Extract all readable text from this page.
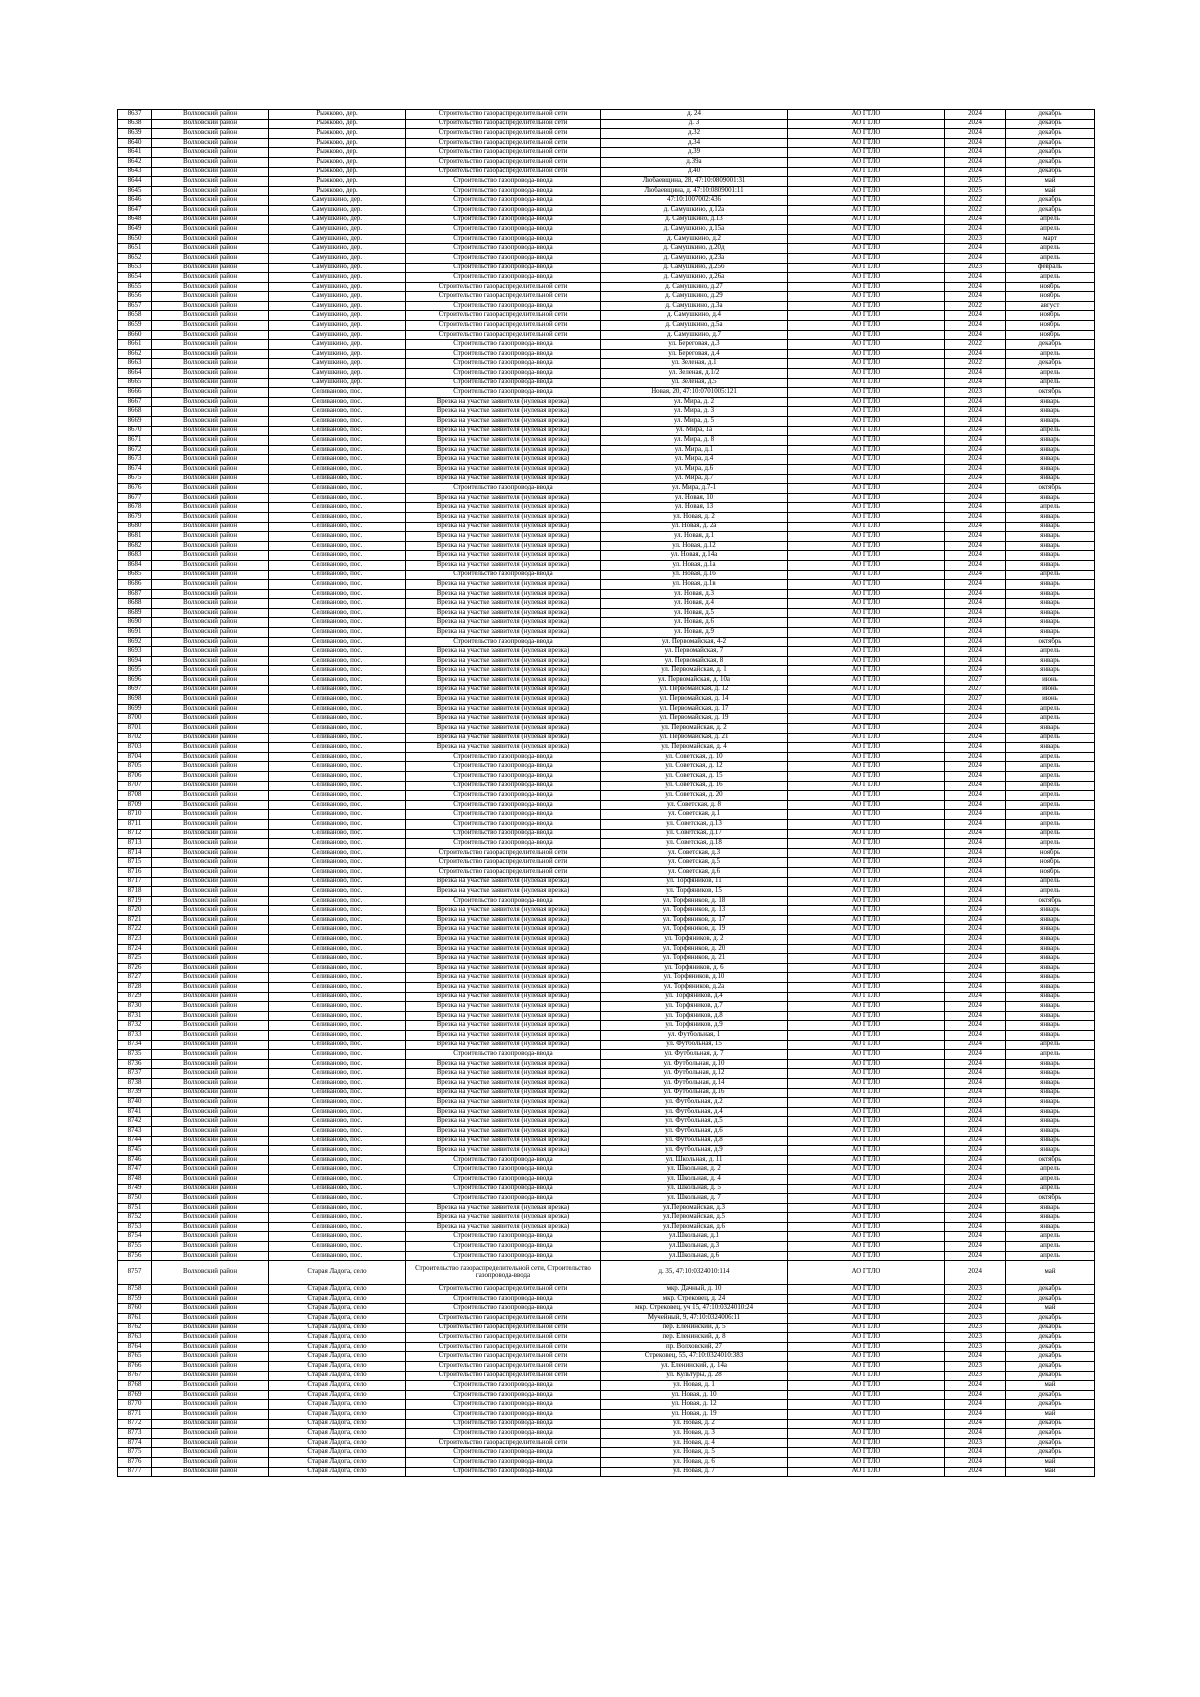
8637	Волховский район	Рыжково, дер.	Строительство газораспределительной сети	д. 24	АО ГТЛО	2024	декабрь
8638	Волховский район	Рыжково, дер.	Строительство газораспределительной сети	д. 3	АО ГТЛО	2024	декабрь
8639	Волховский район	Рыжково, дер.	Строительство газораспределительной сети	д.32	АО ГТЛО	2024	декабрь
8640	Волховский район	Рыжково, дер.	Строительство газораспределительной сети	д.34	АО ГТЛО	2024	декабрь
8641	Волховский район	Рыжково, дер.	Строительство газораспределительной сети	д.39	АО ГТЛО	2024	декабрь
8642	Волховский район	Рыжково, дер.	Строительство газораспределительной сети	д.39а	АО ГТЛО	2024	декабрь
8643	Волховский район	Рыжково, дер.	Строительство газораспределительной сети	д.40	АО ГТЛО	2024	декабрь
8644	Волховский район	Рыжково, дер.	Строительство газопровода-ввода	Любаевщина, 28, 47:10:0809001:31	АО ГТЛО	2025	май
8645	Волховский район	Рыжково, дер.	Строительство газопровода-ввода	Любаевщина, д. 47:10:0809001:11	АО ГТЛО	2025	май
8646	Волховский район	Самушкино, дер.	Строительство газопровода-ввода	47:10:1007002:436	АО ГТЛО	2022	декабрь
8647	Волховский район	Самушкино, дер.	Строительство газопровода-ввода	д. Самушкино, д.12а	АО ГТЛО	2022	декабрь
8648	Волховский район	Самушкино, дер.	Строительство газопровода-ввода	д. Самушкино, д.13	АО ГТЛО	2024	апрель
8649	Волховский район	Самушкино, дер.	Строительство газопровода-ввода	д. Самушкино, д.15а	АО ГТЛО	2024	апрель
8650	Волховский район	Самушкино, дер.	Строительство газопровода-ввода	д. Самушкино, д.2	АО ГТЛО	2023	март
8651	Волховский район	Самушкино, дер.	Строительство газопровода-ввода	д. Самушкино, д.20д	АО ГТЛО	2024	апрель
8652	Волховский район	Самушкино, дер.	Строительство газопровода-ввода	д. Самушкино, д.23а	АО ГТЛО	2024	апрель
8653	Волховский район	Самушкино, дер.	Строительство газопровода-ввода	д. Самушкино, д.25б	АО ГТЛО	2023	февраль
8654	Волховский район	Самушкино, дер.	Строительство газопровода-ввода	д. Самушкино, д.26а	АО ГТЛО	2024	апрель
8655	Волховский район	Самушкино, дер.	Строительство газораспределительной сети	д. Самушкино, д.27	АО ГТЛО	2024	ноябрь
8656	Волховский район	Самушкино, дер.	Строительство газораспределительной сети	д. Самушкино, д.29	АО ГТЛО	2024	ноябрь
8657	Волховский район	Самушкино, дер.	Строительство газопровода-ввода	д. Самушкино, д.3а	АО ГТЛО	2022	август
8658	Волховский район	Самушкино, дер.	Строительство газораспределительной сети	д. Самушкино, д.4	АО ГТЛО	2024	ноябрь
8659	Волховский район	Самушкино, дер.	Строительство газораспределительной сети	д. Самушкино, д.5а	АО ГТЛО	2024	ноябрь
8660	Волховский район	Самушкино, дер.	Строительство газораспределительной сети	д. Самушкино, д.7	АО ГТЛО	2024	ноябрь
8661	Волховский район	Самушкино, дер.	Строительство газопровода-ввода	ул. Береговая, д.3	АО ГТЛО	2022	декабрь
8662	Волховский район	Самушкино, дер.	Строительство газопровода-ввода	ул. Береговая, д.4	АО ГТЛО	2024	апрель
8663	Волховский район	Самушкино, дер.	Строительство газопровода-ввода	ул. Зеленая, д.1	АО ГТЛО	2022	декабрь
8664	Волховский район	Самушкино, дер.	Строительство газопровода-ввода	ул. Зеленая, д.1/2	АО ГТЛО	2024	апрель
8665	Волховский район	Самушкино, дер.	Строительство газопровода-ввода	ул. Зеленая, д.5	АО ГТЛО	2024	апрель
8666	Волховский район	Селиваново, пос.	Строительство газопровода-ввода	Новая, 20, 47:10:0701005:121	АО ГТЛО	2023	октябрь
8667	Волховский район	Селиваново, пос.	Врезка на участке заявителя (нулевая врезка)	ул. Мира, д. 2	АО ГТЛО	2024	январь
8668	Волховский район	Селиваново, пос.	Врезка на участке заявителя (нулевая врезка)	ул. Мира, д. 3	АО ГТЛО	2024	январь
8669	Волховский район	Селиваново, пос.	Врезка на участке заявителя (нулевая врезка)	ул. Мира, д. 5	АО ГТЛО	2024	январь
8670	Волховский район	Селиваново, пос.	Врезка на участке заявителя (нулевая врезка)	ул. Мира, 1а	АО ГТЛО	2024	апрель
8671	Волховский район	Селиваново, пос.	Врезка на участке заявителя (нулевая врезка)	ул. Мира, д. 8	АО ГТЛО	2024	январь
8672	Волховский район	Селиваново, пос.	Врезка на участке заявителя (нулевая врезка)	ул. Мира, д.1	АО ГТЛО	2024	январь
8673	Волховский район	Селиваново, пос.	Врезка на участке заявителя (нулевая врезка)	ул. Мира, д.4	АО ГТЛО	2024	январь
8674	Волховский район	Селиваново, пос.	Врезка на участке заявителя (нулевая врезка)	ул. Мира, д.6	АО ГТЛО	2024	январь
8675	Волховский район	Селиваново, пос.	Врезка на участке заявителя (нулевая врезка)	ул. Мира, д.7	АО ГТЛО	2024	январь
8676	Волховский район	Селиваново, пос.	Строительство газопровода-ввода	ул. Мира, д.7-1	АО ГТЛО	2024	октябрь
8677	Волховский район	Селиваново, пос.	Врезка на участке заявителя (нулевая врезка)	ул. Новая, 10	АО ГТЛО	2024	январь
8678	Волховский район	Селиваново, пос.	Врезка на участке заявителя (нулевая врезка)	ул. Новая, 13	АО ГТЛО	2024	апрель
8679	Волховский район	Селиваново, пос.	Врезка на участке заявителя (нулевая врезка)	ул. Новая, д. 2	АО ГТЛО	2024	январь
8680	Волховский район	Селиваново, пос.	Врезка на участке заявителя (нулевая врезка)	ул. Новая, д. 2а	АО ГТЛО	2024	январь
8681	Волховский район	Селиваново, пос.	Врезка на участке заявителя (нулевая врезка)	ул. Новая, д.1	АО ГТЛО	2024	январь
8682	Волховский район	Селиваново, пос.	Врезка на участке заявителя (нулевая врезка)	ул. Новая, д.12	АО ГТЛО	2024	январь
8683	Волховский район	Селиваново, пос.	Врезка на участке заявителя (нулевая врезка)	ул. Новая, д.14а	АО ГТЛО	2024	январь
8684	Волховский район	Селиваново, пос.	Врезка на участке заявителя (нулевая врезка)	ул. Новая, д.1а	АО ГТЛО	2024	январь
8685	Волховский район	Селиваново, пос.	Строительство газопровода-ввода	ул. Новая, д.1б	АО ГТЛО	2024	апрель
8686	Волховский район	Селиваново, пос.	Врезка на участке заявителя (нулевая врезка)	ул. Новая, д.1в	АО ГТЛО	2024	январь
8687	Волховский район	Селиваново, пос.	Врезка на участке заявителя (нулевая врезка)	ул. Новая, д.3	АО ГТЛО	2024	январь
8688	Волховский район	Селиваново, пос.	Врезка на участке заявителя (нулевая врезка)	ул. Новая, д.4	АО ГТЛО	2024	январь
8689	Волховский район	Селиваново, пос.	Врезка на участке заявителя (нулевая врезка)	ул. Новая, д.5	АО ГТЛО	2024	январь
8690	Волховский район	Селиваново, пос.	Врезка на участке заявителя (нулевая врезка)	ул. Новая, д.6	АО ГТЛО	2024	январь
8691	Волховский район	Селиваново, пос.	Врезка на участке заявителя (нулевая врезка)	ул. Новая, д.9	АО ГТЛО	2024	январь
8692	Волховский район	Селиваново, пос.	Строительство газопровода-ввода	ул. Первомайская, 4-2	АО ГТЛО	2024	октябрь
8693	Волховский район	Селиваново, пос.	Врезка на участке заявителя (нулевая врезка)	ул. Первомайская, 7	АО ГТЛО	2024	апрель
8694	Волховский район	Селиваново, пос.	Врезка на участке заявителя (нулевая врезка)	ул. Первомайская, 8	АО ГТЛО	2024	январь
8695	Волховский район	Селиваново, пос.	Врезка на участке заявителя (нулевая врезка)	ул. Первомайская, д. 1	АО ГТЛО	2024	январь
8696	Волховский район	Селиваново, пос.	Врезка на участке заявителя (нулевая врезка)	ул. Первомайская, д. 10а	АО ГТЛО	2027	июнь
8697	Волховский район	Селиваново, пос.	Врезка на участке заявителя (нулевая врезка)	ул. Первомайская, д. 12	АО ГТЛО	2027	июнь
8698	Волховский район	Селиваново, пос.	Врезка на участке заявителя (нулевая врезка)	ул. Первомайская, д. 14	АО ГТЛО	2027	июнь
8699	Волховский район	Селиваново, пос.	Врезка на участке заявителя (нулевая врезка)	ул. Первомайская, д. 17	АО ГТЛО	2024	апрель
8700	Волховский район	Селиваново, пос.	Врезка на участке заявителя (нулевая врезка)	ул. Первомайская, д. 19	АО ГТЛО	2024	апрель
8701	Волховский район	Селиваново, пос.	Врезка на участке заявителя (нулевая врезка)	ул. Первомайская, д. 2	АО ГТЛО	2024	январь
8702	Волховский район	Селиваново, пос.	Врезка на участке заявителя (нулевая врезка)	ул. Первомайская, д. 21	АО ГТЛО	2024	апрель
8703	Волховский район	Селиваново, пос.	Врезка на участке заявителя (нулевая врезка)	ул. Первомайская, д. 4	АО ГТЛО	2024	январь
8704	Волховский район	Селиваново, пос.	Строительство газопровода-ввода	ул. Советская, д. 10	АО ГТЛО	2024	апрель
8705	Волховский район	Селиваново, пос.	Строительство газопровода-ввода	ул. Советская, д. 12	АО ГТЛО	2024	апрель
8706	Волховский район	Селиваново, пос.	Строительство газопровода-ввода	ул. Советская, д. 15	АО ГТЛО	2024	апрель
8707	Волховский район	Селиваново, пос.	Строительство газопровода-ввода	ул. Советская, д. 16	АО ГТЛО	2024	апрель
8708	Волховский район	Селиваново, пос.	Строительство газопровода-ввода	ул. Советская, д. 20	АО ГТЛО	2024	апрель
8709	Волховский район	Селиваново, пос.	Строительство газопровода-ввода	ул. Советская, д. 8	АО ГТЛО	2024	апрель
8710	Волховский район	Селиваново, пос.	Строительство газопровода-ввода	ул. Советская, д.1	АО ГТЛО	2024	апрель
8711	Волховский район	Селиваново, пос.	Строительство газопровода-ввода	ул. Советская, д.13	АО ГТЛО	2024	апрель
8712	Волховский район	Селиваново, пос.	Строительство газопровода-ввода	ул. Советская, д.17	АО ГТЛО	2024	апрель
8713	Волховский район	Селиваново, пос.	Строительство газопровода-ввода	ул. Советская, д.18	АО ГТЛО	2024	апрель
8714	Волховский район	Селиваново, пос.	Строительство газораспределительной сети	ул. Советская, д.3	АО ГТЛО	2024	ноябрь
8715	Волховский район	Селиваново, пос.	Строительство газораспределительной сети	ул. Советская, д.5	АО ГТЛО	2024	ноябрь
8716	Волховский район	Селиваново, пос.	Строительство газораспределительной сети	ул. Советская, д.6	АО ГТЛО	2024	ноябрь
8717	Волховский район	Селиваново, пос.	Врезка на участке заявителя (нулевая врезка)	ул. Торфяников, 11	АО ГТЛО	2024	апрель
8718	Волховский район	Селиваново, пос.	Врезка на участке заявителя (нулевая врезка)	ул. Торфяников, 15	АО ГТЛО	2024	апрель
8719	Волховский район	Селиваново, пос.	Строительство газопровода-ввода	ул. Торфяников, д. 18	АО ГТЛО	2024	октябрь
8720	Волховский район	Селиваново, пос.	Врезка на участке заявителя (нулевая врезка)	ул. Торфяников, д. 13	АО ГТЛО	2024	январь
8721	Волховский район	Селиваново, пос.	Врезка на участке заявителя (нулевая врезка)	ул. Торфяников, д. 17	АО ГТЛО	2024	январь
8722	Волховский район	Селиваново, пос.	Врезка на участке заявителя (нулевая врезка)	ул. Торфяников, д. 19	АО ГТЛО	2024	январь
8723	Волховский район	Селиваново, пос.	Врезка на участке заявителя (нулевая врезка)	ул. Торфяников, д. 2	АО ГТЛО	2024	январь
8724	Волховский район	Селиваново, пос.	Врезка на участке заявителя (нулевая врезка)	ул. Торфяников, д. 20	АО ГТЛО	2024	январь
8725	Волховский район	Селиваново, пос.	Врезка на участке заявителя (нулевая врезка)	ул. Торфяников, д. 21	АО ГТЛО	2024	январь
8726	Волховский район	Селиваново, пос.	Врезка на участке заявителя (нулевая врезка)	ул. Торфяников, д. 6	АО ГТЛО	2024	январь
8727	Волховский район	Селиваново, пос.	Врезка на участке заявителя (нулевая врезка)	ул. Торфяников, д.10	АО ГТЛО	2024	январь
8728	Волховский район	Селиваново, пос.	Врезка на участке заявителя (нулевая врезка)	ул. Торфяников, д.2а	АО ГТЛО	2024	январь
8729	Волховский район	Селиваново, пос.	Врезка на участке заявителя (нулевая врезка)	ул. Торфяников, д.4	АО ГТЛО	2024	январь
8730	Волховский район	Селиваново, пос.	Врезка на участке заявителя (нулевая врезка)	ул. Торфяников, д.7	АО ГТЛО	2024	январь
8731	Волховский район	Селиваново, пос.	Врезка на участке заявителя (нулевая врезка)	ул. Торфяников, д.8	АО ГТЛО	2024	январь
8732	Волховский район	Селиваново, пос.	Врезка на участке заявителя (нулевая врезка)	ул. Торфяников, д.9	АО ГТЛО	2024	январь
8733	Волховский район	Селиваново, пос.	Врезка на участке заявителя (нулевая врезка)	ул. Футбольная, 1	АО ГТЛО	2024	январь
8734	Волховский район	Селиваново, пос.	Врезка на участке заявителя (нулевая врезка)	ул. Футбольная, 15	АО ГТЛО	2024	апрель
8735	Волховский район	Селиваново, пос.	Строительство газопровода-ввода	ул. Футбольная, д. 7	АО ГТЛО	2024	апрель
8736	Волховский район	Селиваново, пос.	Врезка на участке заявителя (нулевая врезка)	ул. Футбольная, д.10	АО ГТЛО	2024	январь
8737	Волховский район	Селиваново, пос.	Врезка на участке заявителя (нулевая врезка)	ул. Футбольная, д.12	АО ГТЛО	2024	январь
8738	Волховский район	Селиваново, пос.	Врезка на участке заявителя (нулевая врезка)	ул. Футбольная, д.14	АО ГТЛО	2024	январь
8739	Волховский район	Селиваново, пос.	Врезка на участке заявителя (нулевая врезка)	ул. Футбольная, д.16	АО ГТЛО	2024	январь
8740	Волховский район	Селиваново, пос.	Врезка на участке заявителя (нулевая врезка)	ул. Футбольная, д.2	АО ГТЛО	2024	январь
8741	Волховский район	Селиваново, пос.	Врезка на участке заявителя (нулевая врезка)	ул. Футбольная, д.4	АО ГТЛО	2024	январь
8742	Волховский район	Селиваново, пос.	Врезка на участке заявителя (нулевая врезка)	ул. Футбольная, д.5	АО ГТЛО	2024	январь
8743	Волховский район	Селиваново, пос.	Врезка на участке заявителя (нулевая врезка)	ул. Футбольная, д.6	АО ГТЛО	2024	январь
8744	Волховский район	Селиваново, пос.	Врезка на участке заявителя (нулевая врезка)	ул. Футбольная, д.8	АО ГТЛО	2024	январь
8745	Волховский район	Селиваново, пос.	Врезка на участке заявителя (нулевая врезка)	ул. Футбольная, д.9	АО ГТЛО	2024	январь
8746	Волховский район	Селиваново, пос.	Строительство газопровода-ввода	ул. Школьная, д. 11	АО ГТЛО	2024	октябрь
8747	Волховский район	Селиваново, пос.	Строительство газопровода-ввода	ул. Школьная, д. 2	АО ГТЛО	2024	апрель
8748	Волховский район	Селиваново, пос.	Строительство газопровода-ввода	ул. Школьная, д. 4	АО ГТЛО	2024	апрель
8749	Волховский район	Селиваново, пос.	Строительство газопровода-ввода	ул. Школьная, д. 5	АО ГТЛО	2024	апрель
8750	Волховский район	Селиваново, пос.	Строительство газопровода-ввода	ул. Школьная, д. 7	АО ГТЛО	2024	октябрь
8751	Волховский район	Селиваново, пос.	Врезка на участке заявителя (нулевая врезка)	ул.Первомайская, д.3	АО ГТЛО	2024	январь
8752	Волховский район	Селиваново, пос.	Врезка на участке заявителя (нулевая врезка)	ул.Первомайская, д.5	АО ГТЛО	2024	январь
8753	Волховский район	Селиваново, пос.	Врезка на участке заявителя (нулевая врезка)	ул.Первомайская, д.6	АО ГТЛО	2024	январь
8754	Волховский район	Селиваново, пос.	Строительство газопровода-ввода	ул.Школьная, д.1	АО ГТЛО	2024	апрель
8755	Волховский район	Селиваново, пос.	Строительство газопровода-ввода	ул.Школьная, д.3	АО ГТЛО	2024	апрель
8756	Волховский район	Селиваново, пос.	Строительство газопровода-ввода	ул.Школьная, д.6	АО ГТЛО	2024	апрель
8757	Волховский район	Старая Ладога, село	Строительство газораспределительной сети, Строительство газопровода-ввода	д. 35, 47:10:0324010:114	АО ГТЛО	2024	май
8758	Волховский район	Старая Ладога, село	Строительство газораспределительной сети	мкр. Дачный, д. 10	АО ГТЛО	2023	декабрь
8759	Волховский район	Старая Ладога, село	Строительство газопровода-ввода	мкр. Стрековец, д. 24	АО ГТЛО	2022	декабрь
8760	Волховский район	Старая Ладога, село	Строительство газопровода-ввода	мкр. Стрековец, уч 15, 47:10:0324010:24	АО ГТЛО	2024	май
8761	Волховский район	Старая Ладога, село	Строительство газораспределительной сети	Мучейный, 9, 47:10:0324006:11	АО ГТЛО	2023	декабрь
8762	Волховский район	Старая Ладога, село	Строительство газораспределительной сети	пер. Еленинский, д. 5	АО ГТЛО	2023	декабрь
8763	Волховский район	Старая Ладога, село	Строительство газораспределительной сети	пер. Еленинский, д. 8	АО ГТЛО	2023	декабрь
8764	Волховский район	Старая Ладога, село	Строительство газораспределительной сети	пр. Волховский, 27	АО ГТЛО	2023	декабрь
8765	Волховский район	Старая Ладога, село	Строительство газораспределительной сети	Стрековец, 55, 47:10:0324010:383	АО ГТЛО	2024	декабрь
8766	Волховский район	Старая Ладога, село	Строительство газораспределительной сети	ул. Еленинский, д. 14а	АО ГТЛО	2023	декабрь
8767	Волховский район	Старая Ладога, село	Строительство газораспределительной сети	ул. Культуры, д. 28	АО ГТЛО	2023	декабрь
8768	Волховский район	Старая Ладога, село	Строительство газопровода-ввода	ул. Новая, д. 1	АО ГТЛО	2024	май
8769	Волховский район	Старая Ладога, село	Строительство газопровода-ввода	ул. Новая, д. 10	АО ГТЛО	2024	декабрь
8770	Волховский район	Старая Ладога, село	Строительство газопровода-ввода	ул. Новая, д. 12	АО ГТЛО	2024	декабрь
8771	Волховский район	Старая Ладога, село	Строительство газопровода-ввода	ул. Новая, д. 19	АО ГТЛО	2024	май
8772	Волховский район	Старая Ладога, село	Строительство газопровода-ввода	ул. Новая, д. 2	АО ГТЛО	2024	декабрь
8773	Волховский район	Старая Ладога, село	Строительство газопровода-ввода	ул. Новая, д. 3	АО ГТЛО	2024	декабрь
8774	Волховский район	Старая Ладога, село	Строительство газораспределительной сети	ул. Новая, д. 4	АО ГТЛО	2023	декабрь
8775	Волховский район	Старая Ладога, село	Строительство газопровода-ввода	ул. Новая, д. 5	АО ГТЛО	2024	декабрь
8776	Волховский район	Старая Ладога, село	Строительство газопровода-ввода	ул. Новая, д. 6	АО ГТЛО	2024	май
8777	Волховский район	Старая Ладога, село	Строительство газопровода-ввода	ул. Новая, д. 7	АО ГТЛО	2024	май
